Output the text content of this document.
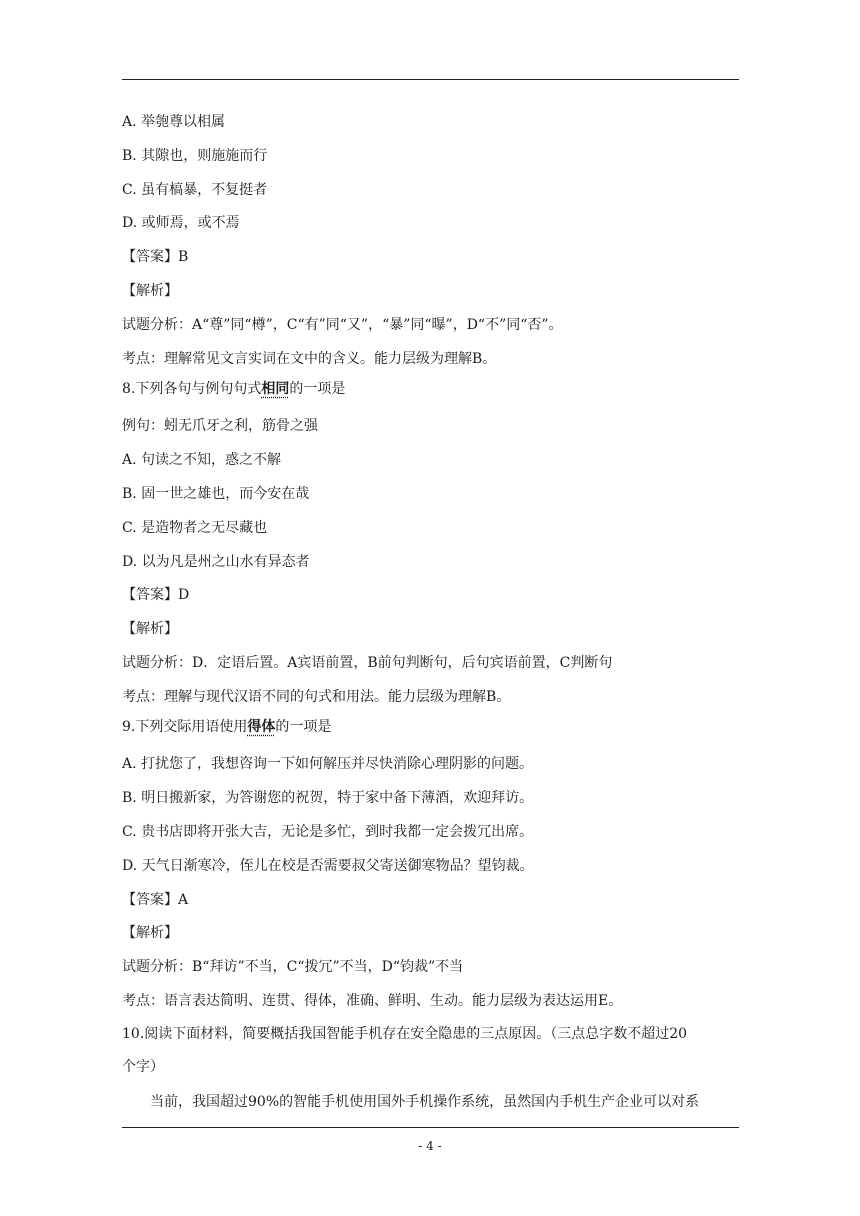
A. 举匏尊以相属
B. 其隙也，则施施而行
C. 虽有槁暴，不复挺者
D. 或师焉，或不焉
【答案】B
【解析】
试题分析：A“尊”同“樽”，C“有”同“又”，“暴”同“曝”，D“不”同“否”。
考点：理解常见文言实词在文中的含义。能力层级为理解B。
8.下列各句与例句句式相同的一项是
例句：蚓无爪牙之利，筋骨之强
A. 句读之不知，惑之不解
B. 固一世之雄也，而今安在哉
C. 是造物者之无尽藏也
D. 以为凡是州之山水有异态者
【答案】D
【解析】
试题分析：D．定语后置。A宾语前置，B前句判断句，后句宾语前置，C判断句
考点：理解与现代汉语不同的句式和用法。能力层级为理解B。
9.下列交际用语使用得体的一项是
A. 打扰您了，我想咨询一下如何解压并尽快消除心理阴影的问题。
B. 明日搬新家，为答谢您的祝贺，特于家中备下薄酒，欢迎拜访。
C. 贵书店即将开张大吉，无论是多忙，到时我都一定会拨冗出席。
D. 天气日渐寒冷，侄儿在校是否需要叔父寄送御寒物品？望钧裁。
【答案】A
【解析】
试题分析：B“拜访”不当，C“拨冗”不当，D“钧裁”不当
考点：语言表达简明、连贯、得体，准确、鲜明、生动。能力层级为表达运用E。
10.阅读下面材料，简要概括我国智能手机存在安全隐患的三点原因。（三点总字数不超过20
个字）
当前，我国超过90%的智能手机使用国外手机操作系统，虽然国内手机生产企业可以对系
- 4 -
